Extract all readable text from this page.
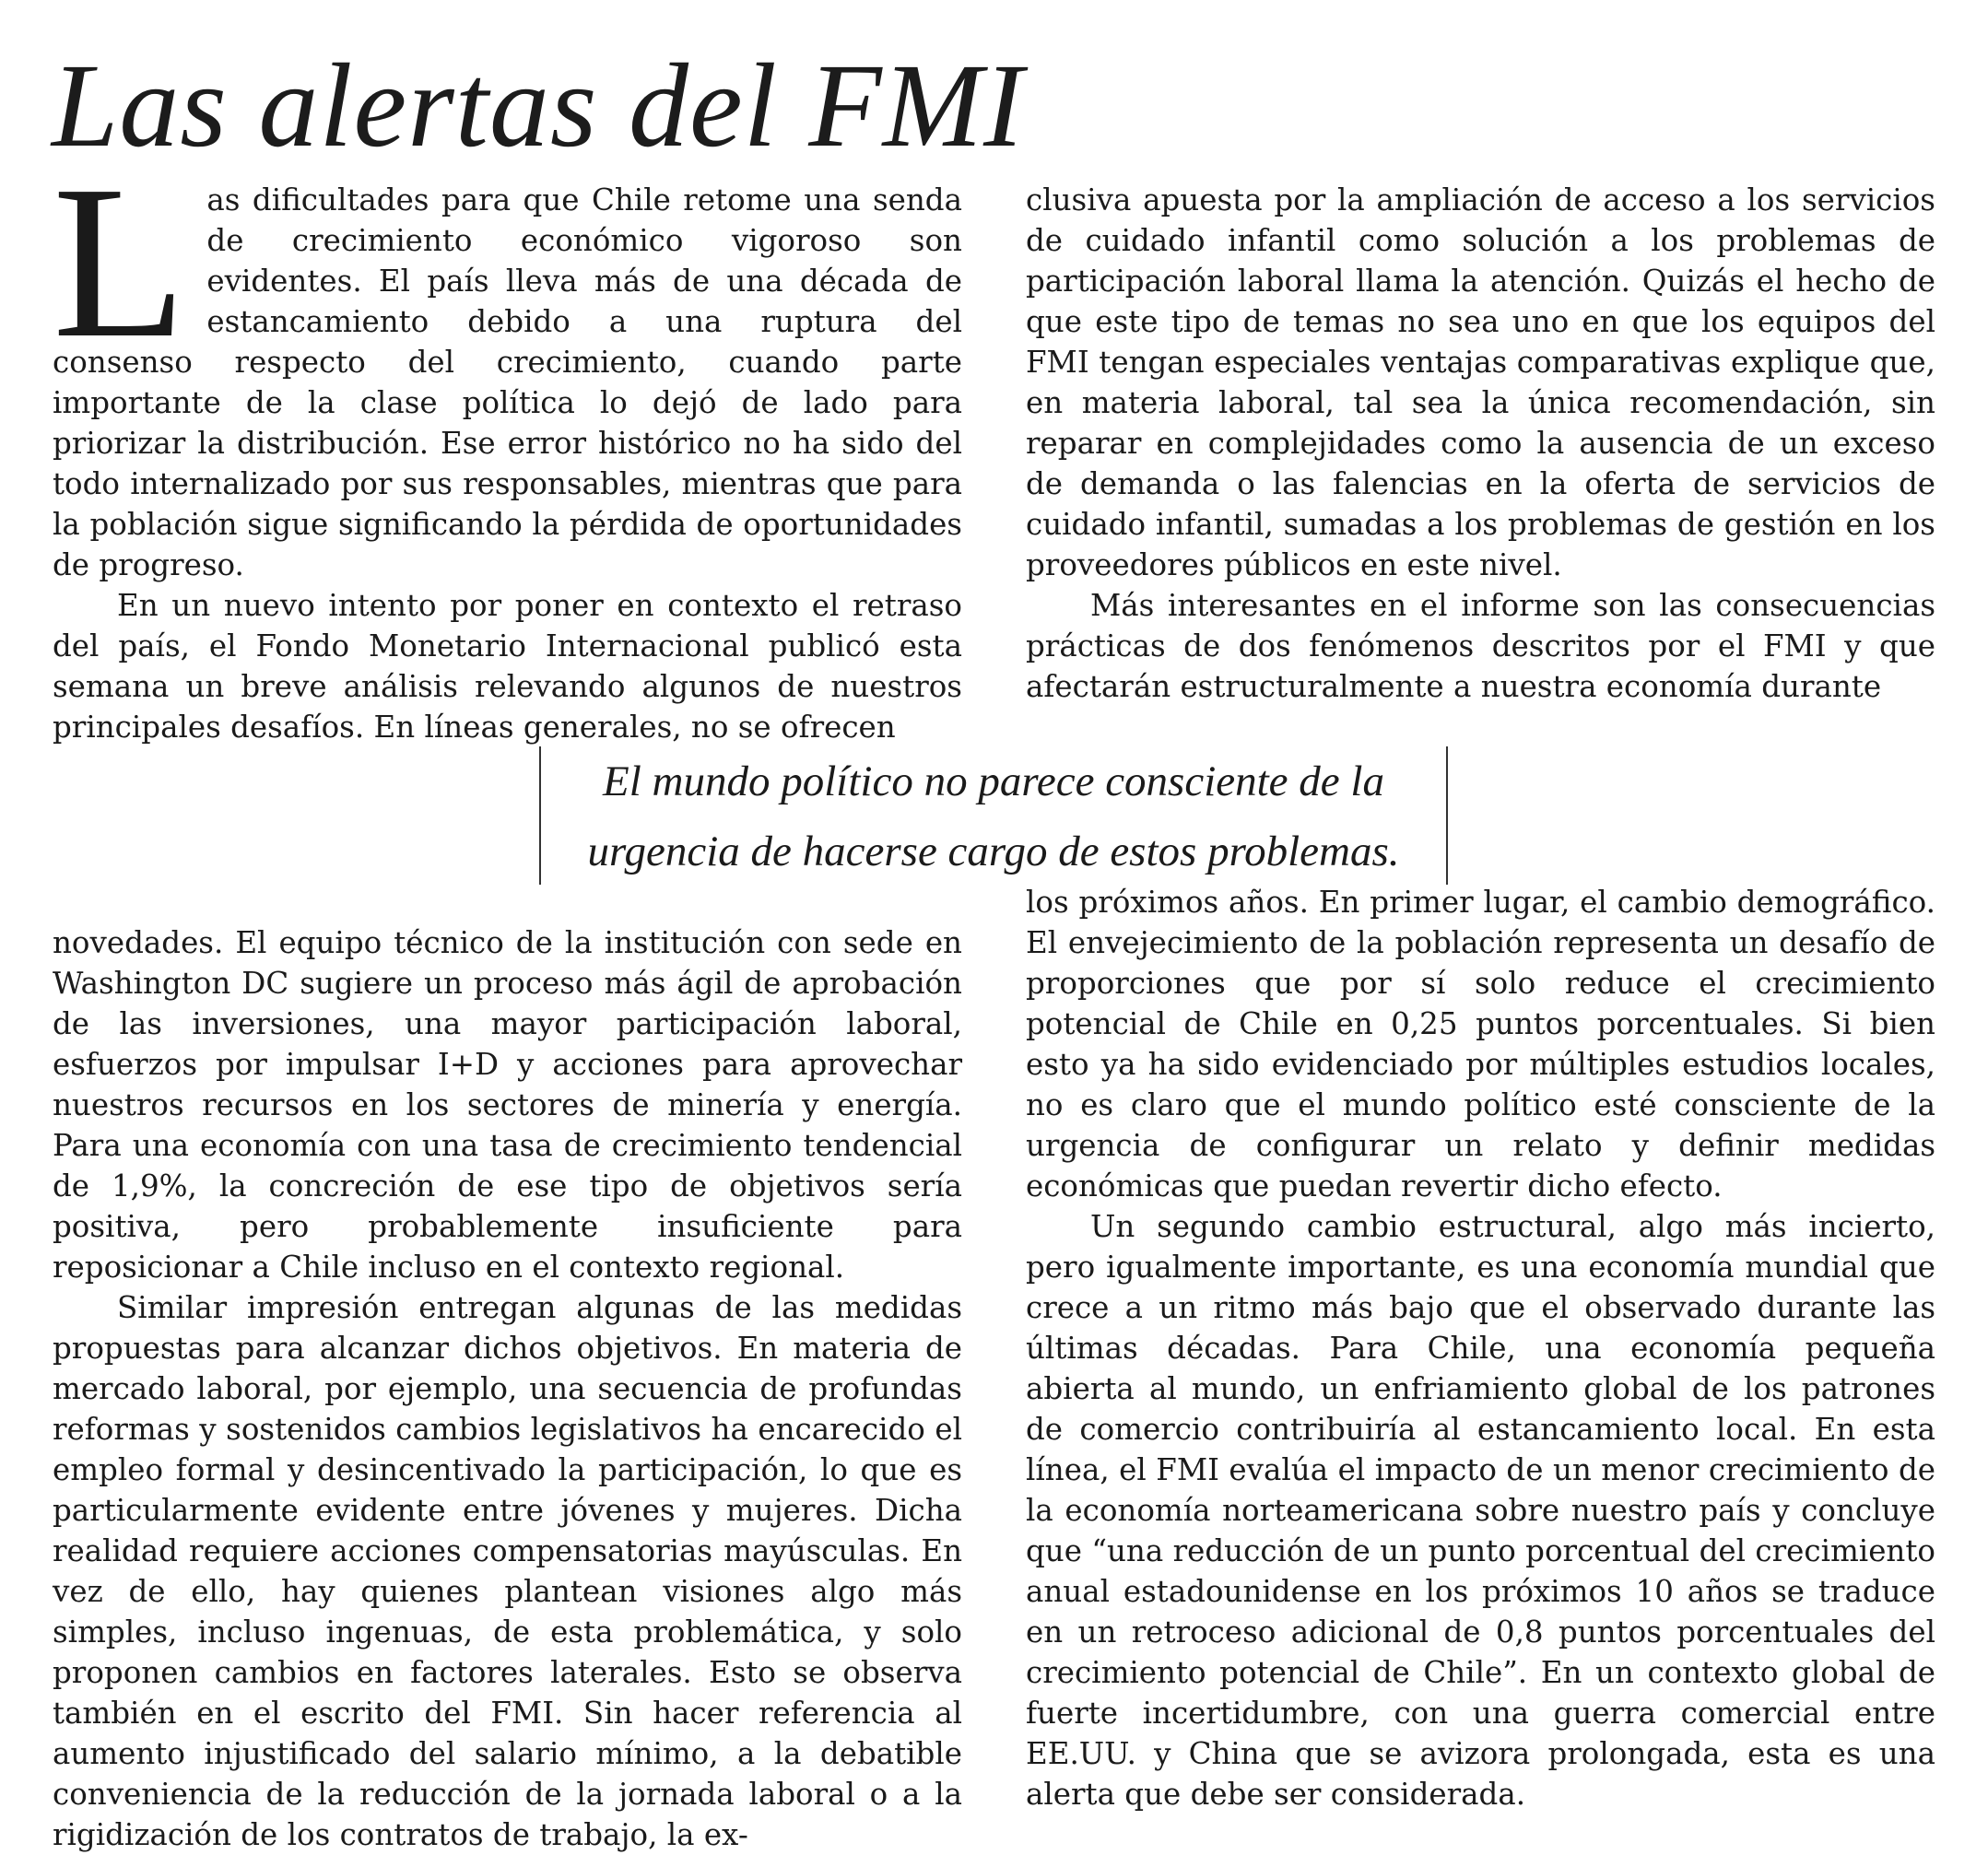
Las alertas del FMI

Las dificultades para que Chile retome una senda de crecimiento económico vigoroso son evidentes. El país lleva más de una década de estancamiento debido a una ruptura del consenso respecto del crecimiento, cuando parte importante de la clase política lo dejó de lado para priorizar la distribución. Ese error histórico no ha sido del todo internalizado por sus responsables, mientras que para la población sigue significando la pérdida de oportunidades de progreso.

En un nuevo intento por poner en contexto el retraso del país, el Fondo Monetario Internacional publicó esta semana un breve análisis relevando algunos de nuestros principales desafíos. En líneas generales, no se ofrecen

novedades. El equipo técnico de la institución con sede en Washington DC sugiere un proceso más ágil de aprobación de las inversiones, una mayor participación laboral, esfuerzos por impulsar I+D y acciones para aprovechar nuestros recursos en los sectores de minería y energía. Para una economía con una tasa de crecimiento tendencial de 1,9%, la concreción de ese tipo de objetivos sería positiva, pero probablemente insuficiente para reposicionar a Chile incluso en el contexto regional.

Similar impresión entregan algunas de las medidas propuestas para alcanzar dichos objetivos. En materia de mercado laboral, por ejemplo, una secuencia de profundas reformas y sostenidos cambios legislativos ha encarecido el empleo formal y desincentivado la participación, lo que es particularmente evidente entre jóvenes y mujeres. Dicha realidad requiere acciones compensatorias mayúsculas. En vez de ello, hay quienes plantean visiones algo más simples, incluso ingenuas, de esta problemática, y solo proponen cambios en factores laterales. Esto se observa también en el escrito del FMI. Sin hacer referencia al aumento injustificado del salario mínimo, a la debatible conveniencia de la reducción de la jornada laboral o a la rigidización de los contratos de trabajo, la ex-

clusiva apuesta por la ampliación de acceso a los servicios de cuidado infantil como solución a los problemas de participación laboral llama la atención. Quizás el hecho de que este tipo de temas no sea uno en que los equipos del FMI tengan especiales ventajas comparativas explique que, en materia laboral, tal sea la única recomendación, sin reparar en complejidades como la ausencia de un exceso de demanda o las falencias en la oferta de servicios de cuidado infantil, sumadas a los problemas de gestión en los proveedores públicos en este nivel.

Más interesantes en el informe son las consecuencias prácticas de dos fenómenos descritos por el FMI y que afectarán estructuralmente a nuestra economía durante

los próximos años. En primer lugar, el cambio demográfico. El envejecimiento de la población representa un desafío de proporciones que por sí solo reduce el crecimiento potencial de Chile en 0,25 puntos porcentuales. Si bien esto ya ha sido evidenciado por múltiples estudios locales, no es claro que el mundo político esté consciente de la urgencia de configurar un relato y definir medidas económicas que puedan revertir dicho efecto.

Un segundo cambio estructural, algo más incierto, pero igualmente importante, es una economía mundial que crece a un ritmo más bajo que el observado durante las últimas décadas. Para Chile, una economía pequeña abierta al mundo, un enfriamiento global de los patrones de comercio contribuiría al estancamiento local. En esta línea, el FMI evalúa el impacto de un menor crecimiento de la economía norteamericana sobre nuestro país y concluye que “una reducción de un punto porcentual del crecimiento anual estadounidense en los próximos 10 años se traduce en un retroceso adicional de 0,8 puntos porcentuales del crecimiento potencial de Chile”. En un contexto global de fuerte incertidumbre, con una guerra comercial entre EE.UU. y China que se avizora prolongada, esta es una alerta que debe ser considerada.

El mundo político no parece consciente de la urgencia de hacerse cargo de estos problemas.
